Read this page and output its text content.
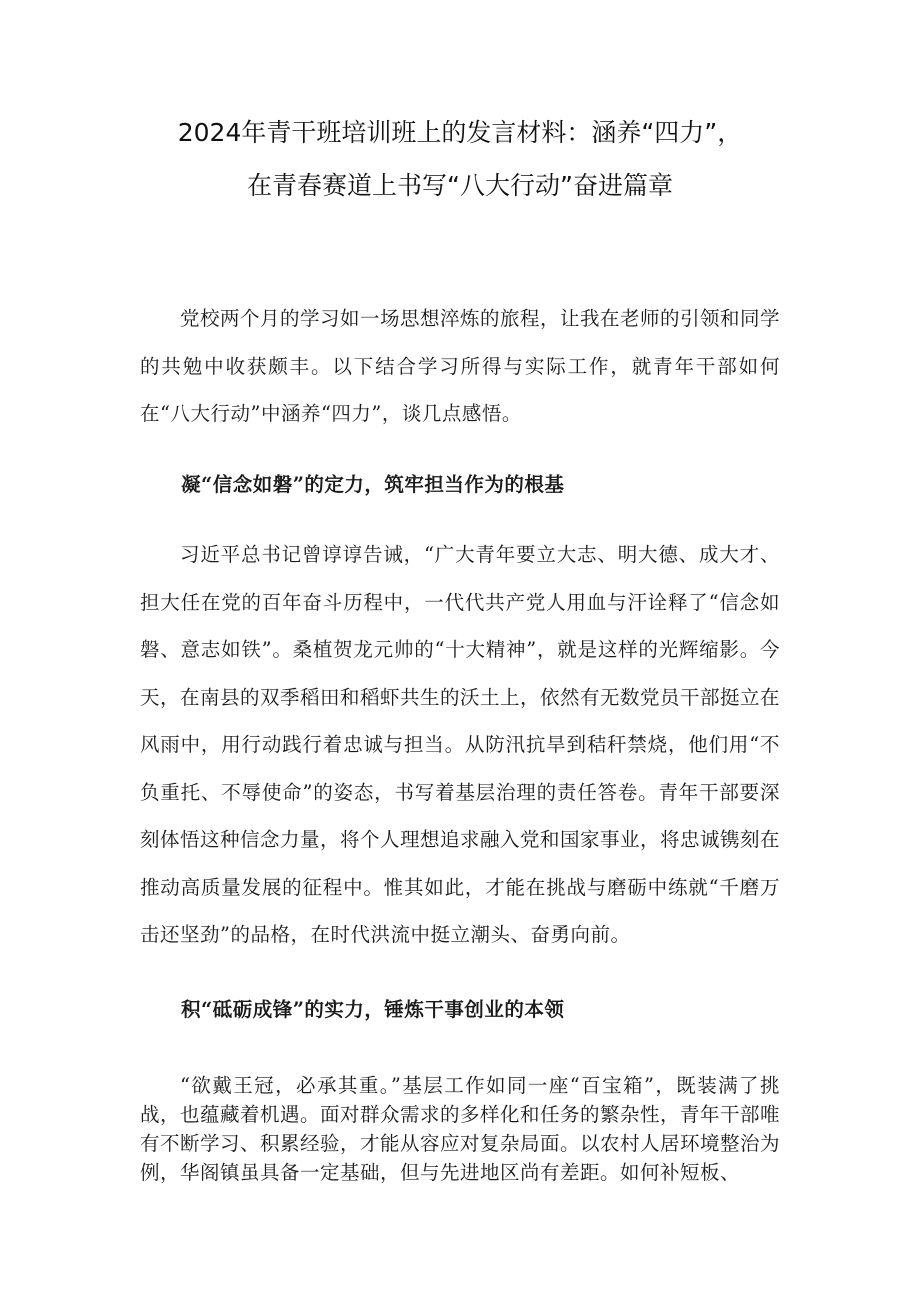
2024年青干班培训班上的发言材料：涵养“四力”，
在青春赛道上书写“八大行动”奋进篇章

党校两个月的学习如一场思想淬炼的旅程，让我在老师的引领和同学的共勉中收获颇丰。以下结合学习所得与实际工作，就青年干部如何在“八大行动”中涵养“四力”，谈几点感悟。

凝“信念如磐”的定力，筑牢担当作为的根基

习近平总书记曾谆谆告诫，“广大青年要立大志、明大德、成大才、担大任在党的百年奋斗历程中，一代代共产党人用血与汗诠释了“信念如磐、意志如铁”。桑植贺龙元帅的“十大精神”，就是这样的光辉缩影。今天，在南县的双季稻田和稻虾共生的沃土上，依然有无数党员干部挺立在风雨中，用行动践行着忠诚与担当。从防汛抗旱到秸秆禁烧，他们用“不负重托、不辱使命”的姿态，书写着基层治理的责任答卷。青年干部要深刻体悟这种信念力量，将个人理想追求融入党和国家事业，将忠诚镌刻在推动高质量发展的征程中。惟其如此，才能在挑战与磨砺中练就“千磨万击还坚劲”的品格，在时代洪流中挺立潮头、奋勇向前。

积“砥砺成锋”的实力，锤炼干事创业的本领

“欲戴王冠，必承其重。”基层工作如同一座“百宝箱”，既装满了挑战，也蕴藏着机遇。面对群众需求的多样化和任务的繁杂性，青年干部唯有不断学习、积累经验，才能从容应对复杂局面。以农村人居环境整治为例，华阁镇虽具备一定基础，但与先进地区尚有差距。如何补短板、
